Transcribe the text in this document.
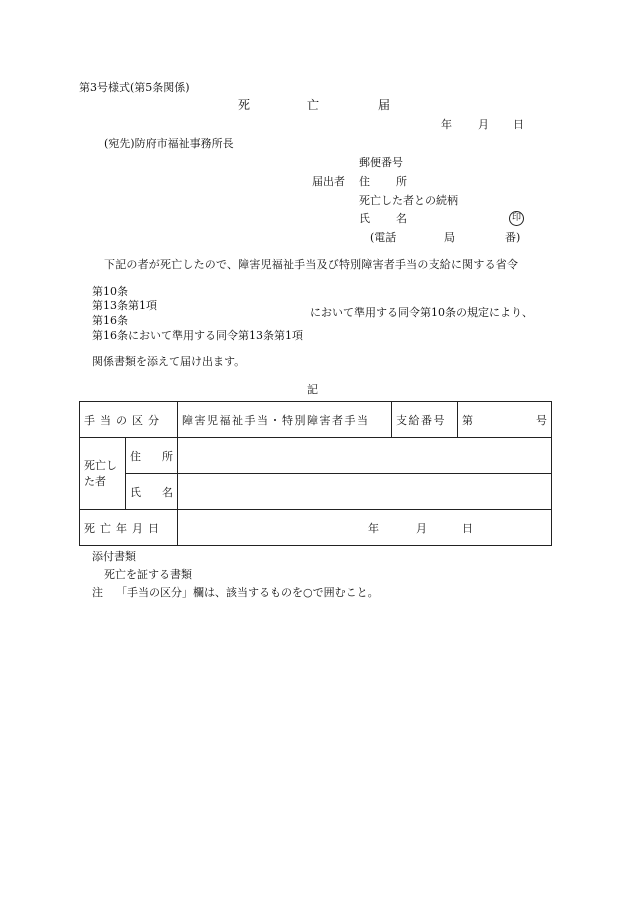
第3号様式(第5条関係)
死	亡	届
年 月 日
(宛先)防府市福祉事務所長
郵便番号
届出者 住 所
死亡した者との続柄
氏 名	印
(電話	局	番)
下記の者が死亡したので、障害児福祉手当及び特別障害者手当の支給に関する省令
第10条
第13条第1項
第16条
第16条において準用する同令第13条第1項
において準用する同令第10条の規定により、
関係書類を添えて届け出ます。
記
手当の区分		障害児福祉手当・特別障害者手当	支給番号	第 号

死亡し
た者	住 所			

	氏 名			

死亡年月日		年 月 日		
添付書類
死亡を証する書類
注 「手当の区分」欄は、該当するものを○で囲むこと。
